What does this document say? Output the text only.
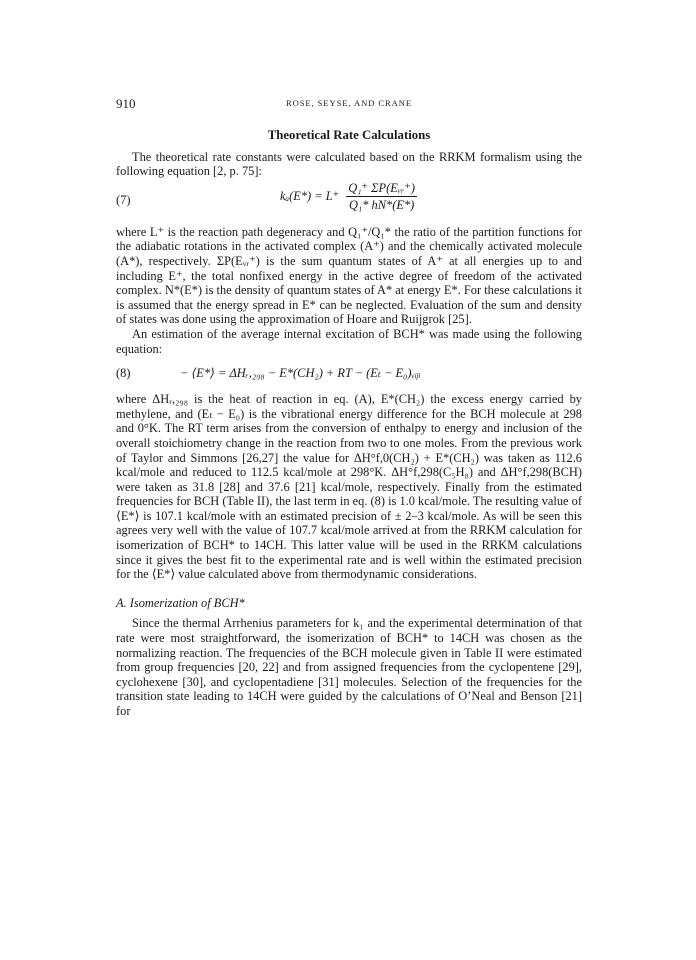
910	ROSE, SEYSE, AND CRANE
Theoretical Rate Calculations

The theoretical rate constants were calculated based on the RRKM formalism using the following equation [2, p. 75]:

(7)	$k_a(E*) = L^+ \frac{\text{Q₁⁺ ΣP(Eᵥᵣ⁺)}}{\text{Q₁* hN*(E*)}}$

where L⁺ is the reaction path degeneracy and Q₁⁺/Q₁* the ratio of the partition functions for the adiabatic rotations in the activated complex (A⁺) and the chemically activated molecule (A*), respectively. ΣP(Eᵥᵣ⁺) is the sum quantum states of A⁺ at all energies up to and including E⁺, the total nonfixed energy in the active degree of freedom of the activated complex. N*(E*) is the density of quantum states of A* at energy E*. For these calculations it is assumed that the energy spread in E* can be neglected. Evaluation of the sum and density of states was done using the approximation of Hoare and Ruijgrok [25].

An estimation of the average internal excitation of BCH* was made using the following equation:

(8)	− ⟨E*⟩ = ΔHᵣ,₂₉₈ − E*(CH₂) + RT − (Eₜ − E₀)ᵥᵢᵦ

where ΔHᵣ,₂₉₈ is the heat of reaction in eq. (A), E*(CH₂) the excess energy carried by methylene, and (Eₜ − E₀) is the vibrational energy difference for the BCH molecule at 298 and 0°K. The RT term arises from the conversion of enthalpy to energy and inclusion of the overall stoichiometry change in the reaction from two to one moles. From the previous work of Taylor and Simmons [26,27] the value for ΔH°f,0(CH₂) + E*(CH₂) was taken as 112.6 kcal/mole and reduced to 112.5 kcal/mole at 298°K. ΔH°f,298(C₅H₈) and ΔH°f,298(BCH) were taken as 31.8 [28] and 37.6 [21] kcal/mole, respectively. Finally from the estimated frequencies for BCH (Table II), the last term in eq. (8) is 1.0 kcal/mole. The resulting value of ⟨E*⟩ is 107.1 kcal/mole with an estimated precision of ± 2–3 kcal/mole. As will be seen this agrees very well with the value of 107.7 kcal/mole arrived at from the RRKM calculation for isomerization of BCH* to 14CH. This latter value will be used in the RRKM calculations since it gives the best fit to the experimental rate and is well within the estimated precision for the ⟨E*⟩ value calculated above from thermodynamic considerations.

A. Isomerization of BCH*

Since the thermal Arrhenius parameters for k₁ and the experimental determination of that rate were most straightforward, the isomerization of BCH* to 14CH was chosen as the normalizing reaction. The frequencies of the BCH molecule given in Table II were estimated from group frequencies [20, 22] and from assigned frequencies from the cyclopentene [29], cyclohexene [30], and cyclopentadiene [31] molecules. Selection of the frequencies for the transition state leading to 14CH were guided by the calculations of O’Neal and Benson [21] for
